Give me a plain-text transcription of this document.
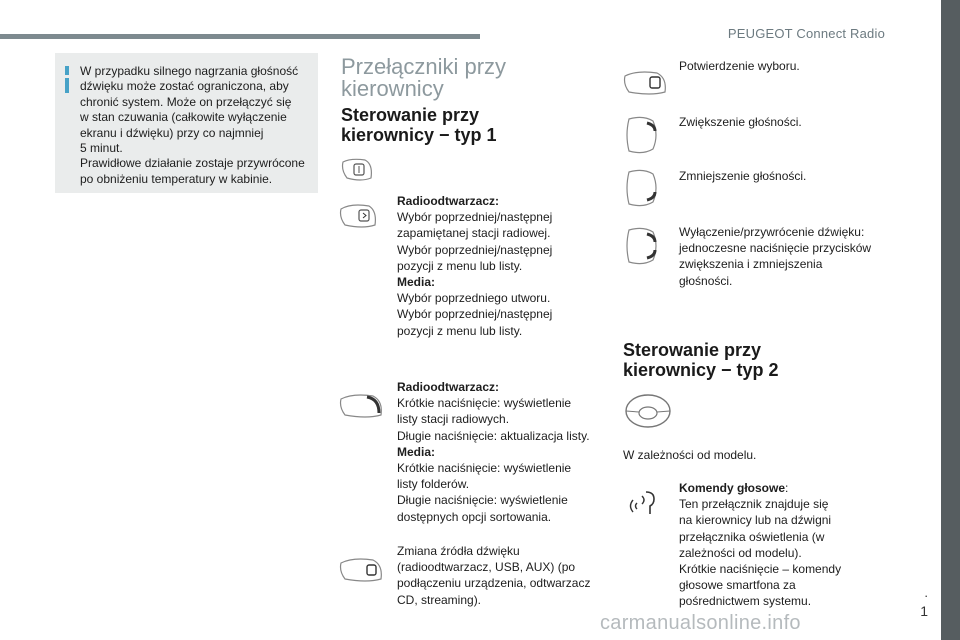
PEUGEOT Connect Radio
.
1
W przypadku silnego nagrzania głośność
dźwięku może zostać ograniczona, aby
chronić system. Może on przełączyć się
w stan czuwania (całkowite wyłączenie
ekranu i dźwięku) przy co najmniej
5 minut.
Prawidłowe działanie zostaje przywrócone
po obniżeniu temperatury w kabinie.
Przełączniki przy
kierownicy
Sterowanie przy
kierownicy − typ 1
Radioodtwarzacz:
Wybór poprzedniej/następnej
zapamiętanej stacji radiowej.
Wybór poprzedniej/następnej
pozycji z menu lub listy.
Media:
Wybór poprzedniego utworu.
Wybór poprzedniej/następnej
pozycji z menu lub listy.
Radioodtwarzacz:
Krótkie naciśnięcie: wyświetlenie
listy stacji radiowych.
Długie naciśnięcie: aktualizacja listy.
Media:
Krótkie naciśnięcie: wyświetlenie
listy folderów.
Długie naciśnięcie: wyświetlenie
dostępnych opcji sortowania.
Zmiana źródła dźwięku
(radioodtwarzacz, USB, AUX) (po
podłączeniu urządzenia, odtwarzacz
CD, streaming).
Potwierdzenie wyboru.
Zwiększenie głośności.
Zmniejszenie głośności.
Wyłączenie/przywrócenie dźwięku:
jednoczesne naciśnięcie przycisków
zwiększenia i zmniejszenia
głośności.
Sterowanie przy
kierownicy − typ 2
W zależności od modelu.
Komendy głosowe:
Ten przełącznik znajduje się
na kierownicy lub na dźwigni
przełącznika oświetlenia (w
zależności od modelu).
Krótkie naciśnięcie – komendy
głosowe smartfona za
pośrednictwem systemu.
carmanualsonline.info
